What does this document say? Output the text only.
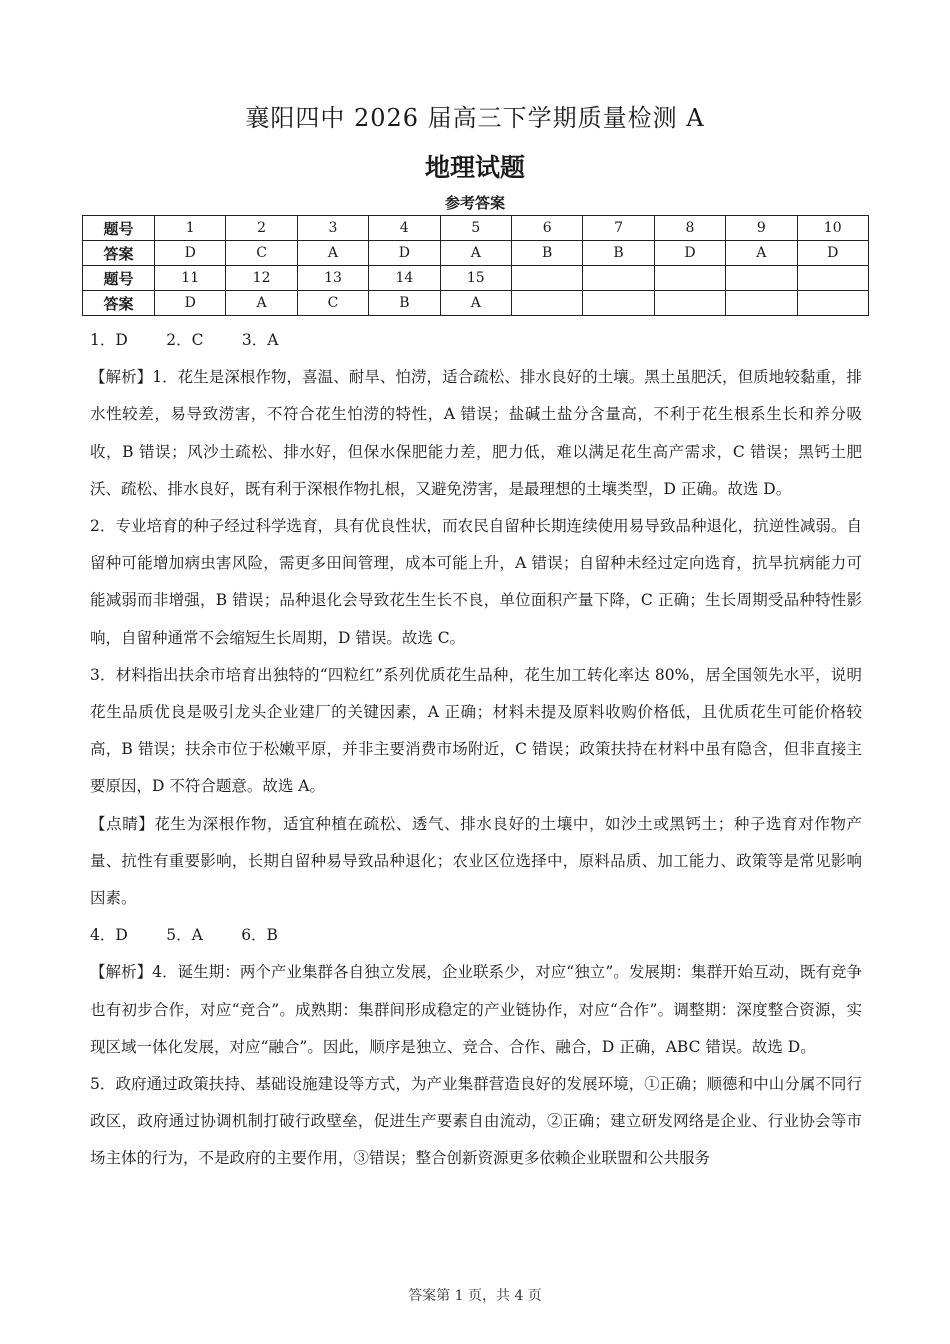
襄阳四中 2026 届高三下学期质量检测 A
地理试题
参考答案
题号	1	2	3	4	5	6	7	8	9	10
答案	D	C	A	D	A	B	B	D	A	D
题号	11	12	13	14	15					
答案	D	A	C	B	A					

1．D　 2．C　 3．A

【解析】1．花生是深根作物，喜温、耐旱、怕涝，适合疏松、排水良好的土壤。黑土虽肥沃，但质地较黏重，排水性较差，易导致涝害，不符合花生怕涝的特性，A 错误；盐碱土盐分含量高，不利于花生根系生长和养分吸收，B 错误；风沙土疏松、排水好，但保水保肥能力差，肥力低，难以满足花生高产需求，C 错误；黑钙土肥沃、疏松、排水良好，既有利于深根作物扎根，又避免涝害，是最理想的土壤类型，D 正确。故选 D。

2．专业培育的种子经过科学选育，具有优良性状，而农民自留种长期连续使用易导致品种退化，抗逆性减弱。自留种可能增加病虫害风险，需更多田间管理，成本可能上升，A 错误；自留种未经过定向选育，抗旱抗病能力可能减弱而非增强，B 错误；品种退化会导致花生生长不良，单位面积产量下降，C 正确；生长周期受品种特性影响，自留种通常不会缩短生长周期，D 错误。故选 C。

3．材料指出扶余市培育出独特的“四粒红”系列优质花生品种，花生加工转化率达 80%，居全国领先水平，说明花生品质优良是吸引龙头企业建厂的关键因素，A 正确；材料未提及原料收购价格低，且优质花生可能价格较高，B 错误；扶余市位于松嫩平原，并非主要消费市场附近，C 错误；政策扶持在材料中虽有隐含，但非直接主要原因，D 不符合题意。故选 A。

【点睛】花生为深根作物，适宜种植在疏松、透气、排水良好的土壤中，如沙土或黑钙土；种子选育对作物产量、抗性有重要影响，长期自留种易导致品种退化；农业区位选择中，原料品质、加工能力、政策等是常见影响因素。

4．D　 5．A　 6．B

【解析】4．诞生期：两个产业集群各自独立发展，企业联系少，对应“独立”。发展期：集群开始互动，既有竞争也有初步合作，对应“竞合”。成熟期：集群间形成稳定的产业链协作，对应“合作”。调整期：深度整合资源，实现区域一体化发展，对应“融合”。因此，顺序是独立、竞合、合作、融合，D 正确，ABC 错误。故选 D。

5．政府通过政策扶持、基础设施建设等方式，为产业集群营造良好的发展环境，①正确；顺德和中山分属不同行政区，政府通过协调机制打破行政壁垒，促进生产要素自由流动，②正确；建立研发网络是企业、行业协会等市场主体的行为，不是政府的主要作用，③错误；整合创新资源更多依赖企业联盟和公共服务

答案第 1 页，共 4 页
